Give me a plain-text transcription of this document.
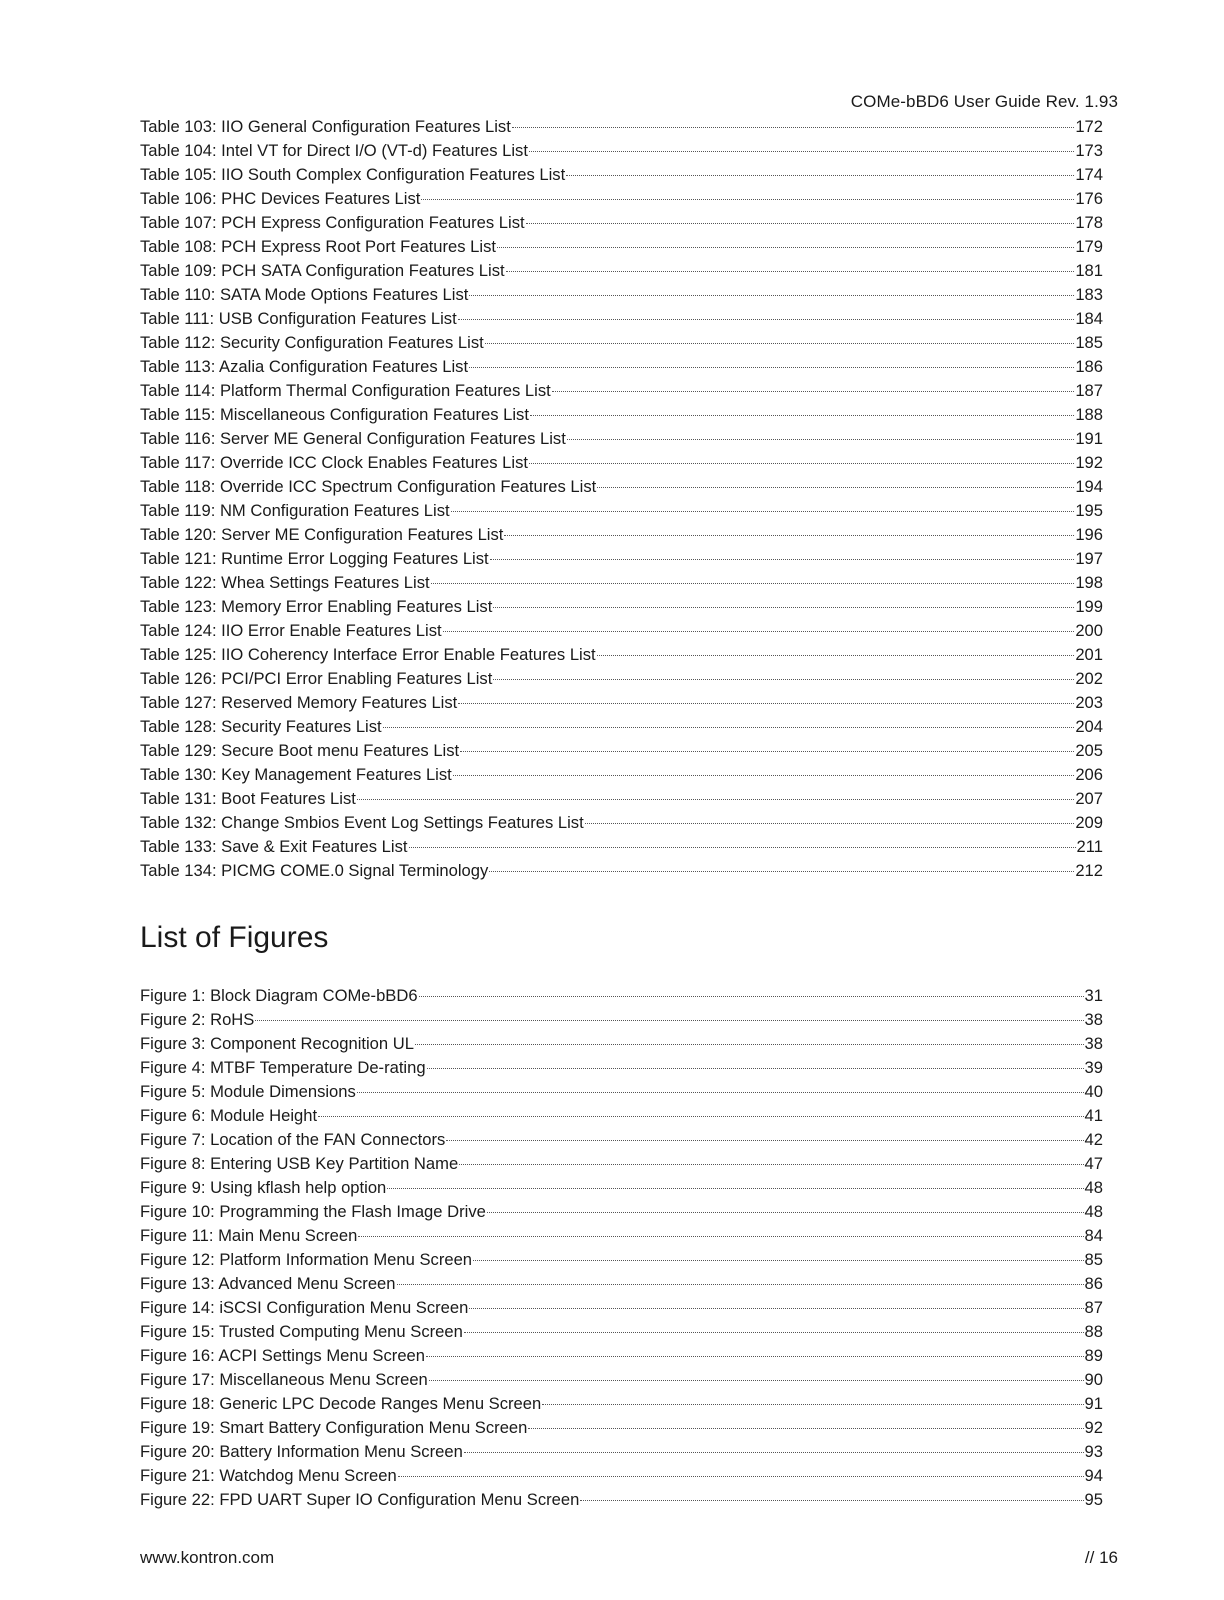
COMe-bBD6 User Guide Rev. 1.93
Table 103: IIO General Configuration Features List	172
Table 104: Intel VT for Direct I/O (VT-d) Features List	173
Table 105: IIO South Complex Configuration Features List	174
Table 106: PHC Devices Features List	176
Table 107: PCH Express Configuration Features List	178
Table 108: PCH Express Root Port Features List	179
Table 109: PCH SATA Configuration Features List	181
Table 110: SATA Mode Options Features List	183
Table 111: USB Configuration Features List	184
Table 112: Security Configuration Features List	185
Table 113: Azalia Configuration Features List	186
Table 114: Platform Thermal Configuration Features List	187
Table 115: Miscellaneous Configuration Features List	188
Table 116: Server ME General Configuration Features List	191
Table 117: Override ICC Clock Enables Features List	192
Table 118: Override ICC Spectrum Configuration Features List	194
Table 119: NM Configuration Features List	195
Table 120: Server ME Configuration Features List	196
Table 121: Runtime Error Logging Features List	197
Table 122: Whea Settings Features List	198
Table 123: Memory Error Enabling Features List	199
Table 124: IIO Error Enable Features List	200
Table 125: IIO Coherency Interface Error Enable Features List	201
Table 126: PCI/PCI Error Enabling Features List	202
Table 127: Reserved Memory Features List	203
Table 128: Security Features List	204
Table 129: Secure Boot menu Features List	205
Table 130: Key Management Features List	206
Table 131: Boot Features List	207
Table 132: Change Smbios Event Log Settings Features List	209
Table 133: Save & Exit Features List	211
Table 134: PICMG COME.0 Signal Terminology	212
List of Figures
Figure 1: Block Diagram COMe-bBD6	31
Figure 2: RoHS	38
Figure 3: Component Recognition UL	38
Figure 4: MTBF Temperature De-rating	39
Figure 5: Module Dimensions	40
Figure 6: Module Height	41
Figure 7: Location of the FAN Connectors	42
Figure 8: Entering USB Key Partition Name	47
Figure 9: Using kflash help option	48
Figure 10: Programming the Flash Image Drive	48
Figure 11: Main Menu Screen	84
Figure 12: Platform Information Menu Screen	85
Figure 13: Advanced Menu Screen	86
Figure 14: iSCSI Configuration Menu Screen	87
Figure 15: Trusted Computing Menu Screen	88
Figure 16: ACPI Settings Menu Screen	89
Figure 17: Miscellaneous Menu Screen	90
Figure 18: Generic LPC Decode Ranges Menu Screen	91
Figure 19: Smart Battery Configuration Menu Screen	92
Figure 20: Battery Information Menu Screen	93
Figure 21: Watchdog Menu Screen	94
Figure 22: FPD UART Super IO Configuration Menu Screen	95
www.kontron.com	// 16
